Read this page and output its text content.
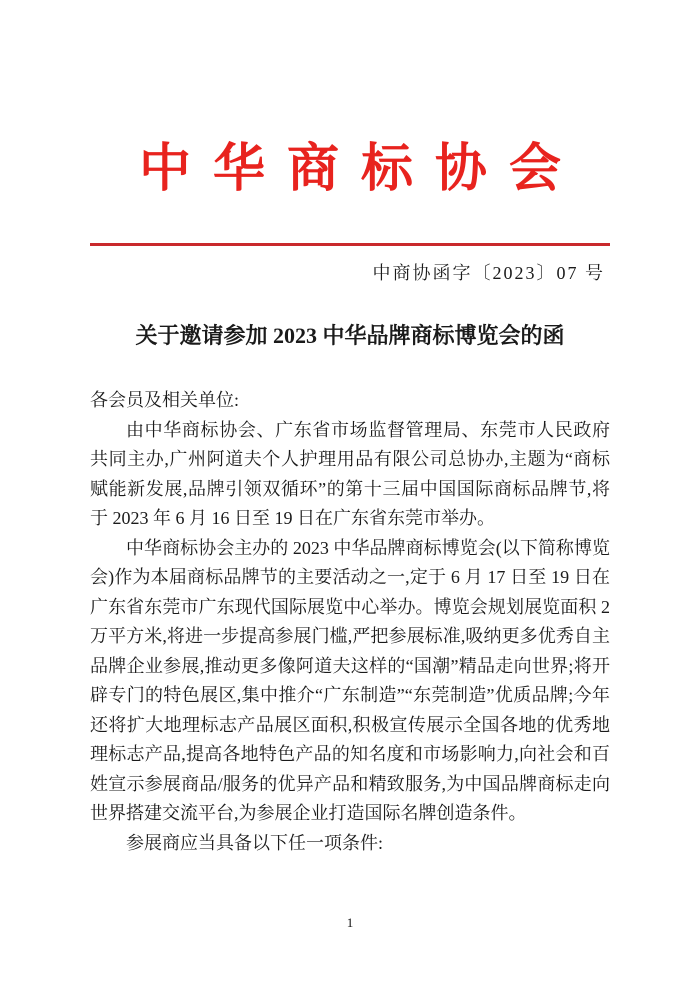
中华商标协会
中商协函字〔2023〕07 号
关于邀请参加 2023 中华品牌商标博览会的函

各会员及相关单位:

由中华商标协会、广东省市场监督管理局、东莞市人民政府共同主办,广州阿道夫个人护理用品有限公司总协办,主题为“商标赋能新发展,品牌引领双循环”的第十三届中国国际商标品牌节,将于 2023 年 6 月 16 日至 19 日在广东省东莞市举办。

中华商标协会主办的 2023 中华品牌商标博览会(以下简称博览会)作为本届商标品牌节的主要活动之一,定于 6 月 17 日至 19 日在广东省东莞市广东现代国际展览中心举办。博览会规划展览面积 2 万平方米,将进一步提高参展门槛,严把参展标准,吸纳更多优秀自主品牌企业参展,推动更多像阿道夫这样的“国潮”精品走向世界;将开辟专门的特色展区,集中推介“广东制造”“东莞制造”优质品牌;今年还将扩大地理标志产品展区面积,积极宣传展示全国各地的优秀地理标志产品,提高各地特色产品的知名度和市场影响力,向社会和百姓宣示参展商品/服务的优异产品和精致服务,为中国品牌商标走向世界搭建交流平台,为参展企业打造国际名牌创造条件。

参展商应当具备以下任一项条件:

1
